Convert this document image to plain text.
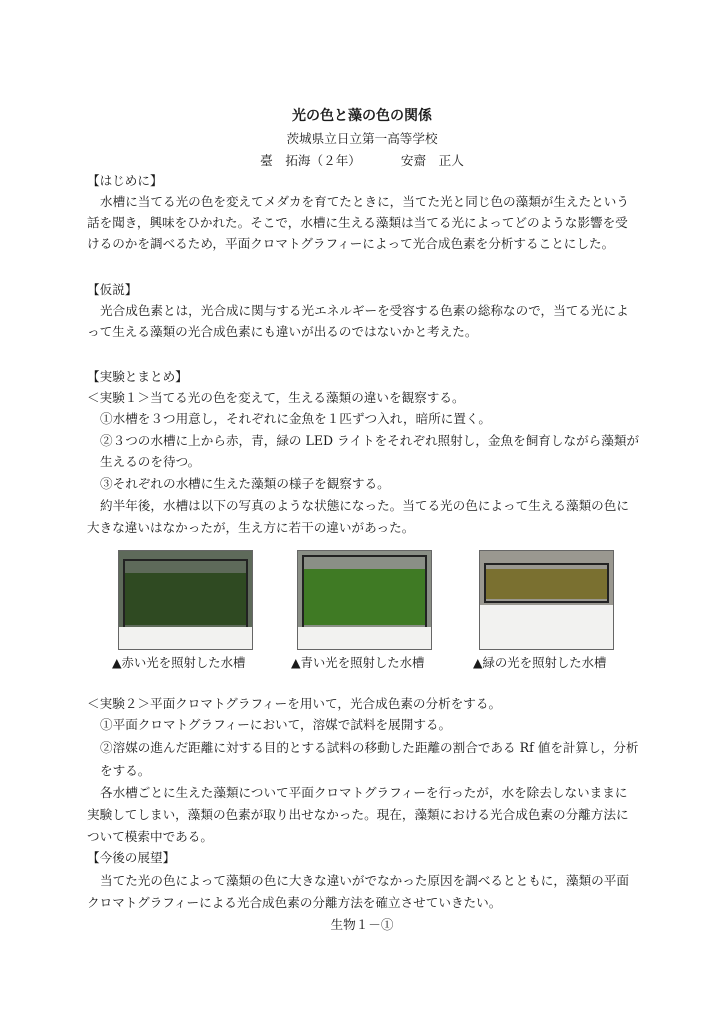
光の色と藻の色の関係
茨城県立日立第一高等学校
臺　拓海（２年）	安齋　正人
【はじめに】
水槽に当てる光の色を変えてメダカを育てたときに，当てた光と同じ色の藻類が生えたという
話を聞き，興味をひかれた。そこで，水槽に生える藻類は当てる光によってどのような影響を受
けるのかを調べるため，平面クロマトグラフィーによって光合成色素を分析することにした。
【仮説】
光合成色素とは，光合成に関与する光エネルギーを受容する色素の総称なので，当てる光によ
って生える藻類の光合成色素にも違いが出るのではないかと考えた。
【実験とまとめ】
＜実験１＞当てる光の色を変えて，生える藻類の違いを観察する。
①水槽を３つ用意し，それぞれに金魚を１匹ずつ入れ，暗所に置く。
②３つの水槽に上から赤，青，緑の LED ライトをそれぞれ照射し，金魚を飼育しながら藻類が
生えるのを待つ。
③それぞれの水槽に生えた藻類の様子を観察する。
約半年後，水槽は以下の写真のような状態になった。当てる光の色によって生える藻類の色に
大きな違いはなかったが，生え方に若干の違いがあった。
▲赤い光を照射した水槽	▲青い光を照射した水槽	▲緑の光を照射した水槽
＜実験２＞平面クロマトグラフィーを用いて，光合成色素の分析をする。
①平面クロマトグラフィーにおいて，溶媒で試料を展開する。
②溶媒の進んだ距離に対する目的とする試料の移動した距離の割合である Rf 値を計算し，分析
をする。
各水槽ごとに生えた藻類について平面クロマトグラフィーを行ったが，水を除去しないままに
実験してしまい，藻類の色素が取り出せなかった。現在，藻類における光合成色素の分離方法に
ついて模索中である。
【今後の展望】
当てた光の色によって藻類の色に大きな違いがでなかった原因を調べるとともに，藻類の平面
クロマトグラフィーによる光合成色素の分離方法を確立させていきたい。
生物１－①
